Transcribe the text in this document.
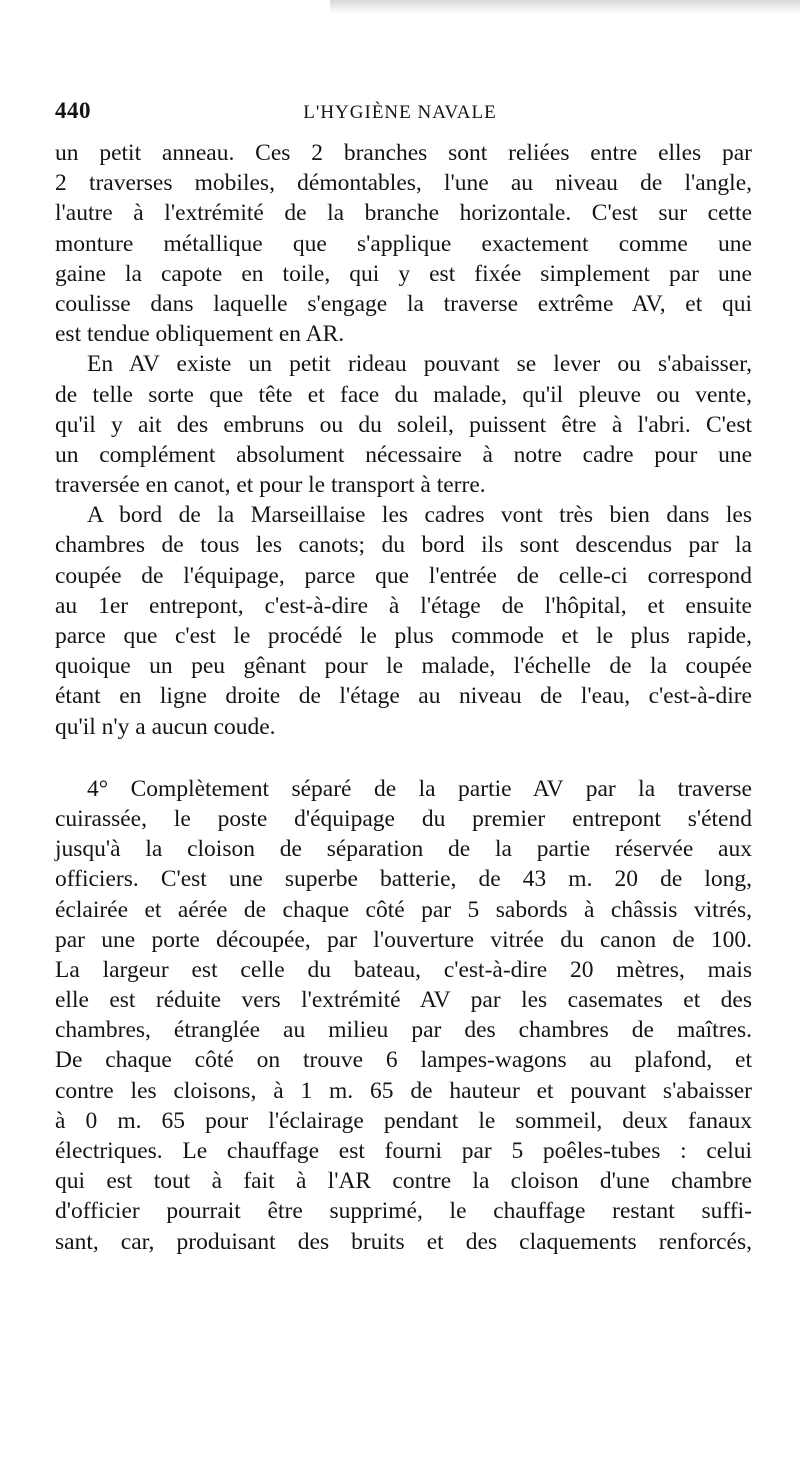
440	L'HYGIÈNE NAVALE
un petit anneau. Ces 2 branches sont reliées entre elles par
2 traverses mobiles, démontables, l'une au niveau de l'angle,
l'autre à l'extrémité de la branche horizontale. C'est sur cette
monture métallique que s'applique exactement comme une
gaine la capote en toile, qui y est fixée simplement par une
coulisse dans laquelle s'engage la traverse extrême AV, et qui
est tendue obliquement en AR.
En AV existe un petit rideau pouvant se lever ou s'abaisser,
de telle sorte que tête et face du malade, qu'il pleuve ou vente,
qu'il y ait des embruns ou du soleil, puissent être à l'abri. C'est
un complément absolument nécessaire à notre cadre pour une
traversée en canot, et pour le transport à terre.
A bord de la Marseillaise les cadres vont très bien dans les
chambres de tous les canots; du bord ils sont descendus par la
coupée de l'équipage, parce que l'entrée de celle-ci correspond
au 1er entrepont, c'est-à-dire à l'étage de l'hôpital, et ensuite
parce que c'est le procédé le plus commode et le plus rapide,
quoique un peu gênant pour le malade, l'échelle de la coupée
étant en ligne droite de l'étage au niveau de l'eau, c'est-à-dire
qu'il n'y a aucun coude.
4° Complètement séparé de la partie AV par la traverse
cuirassée, le poste d'équipage du premier entrepont s'étend
jusqu'à la cloison de séparation de la partie réservée aux
officiers. C'est une superbe batterie, de 43 m. 20 de long,
éclairée et aérée de chaque côté par 5 sabords à châssis vitrés,
par une porte découpée, par l'ouverture vitrée du canon de 100.
La largeur est celle du bateau, c'est-à-dire 20 mètres, mais
elle est réduite vers l'extrémité AV par les casemates et des
chambres, étranglée au milieu par des chambres de maîtres.
De chaque côté on trouve 6 lampes-wagons au plafond, et
contre les cloisons, à 1 m. 65 de hauteur et pouvant s'abaisser
à 0 m. 65 pour l'éclairage pendant le sommeil, deux fanaux
électriques. Le chauffage est fourni par 5 poêles-tubes : celui
qui est tout à fait à l'AR contre la cloison d'une chambre
d'officier pourrait être supprimé, le chauffage restant suffi-
sant, car, produisant des bruits et des claquements renforcés,
